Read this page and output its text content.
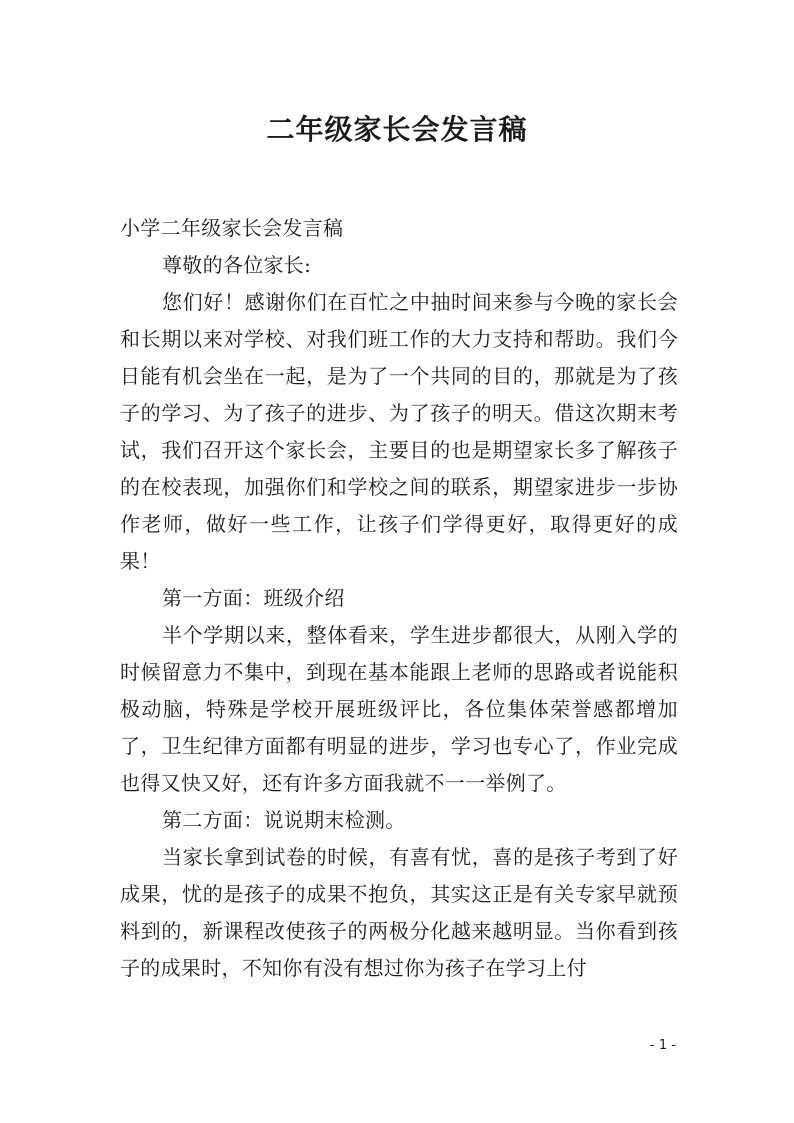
二年级家长会发言稿

小学二年级家长会发言稿

尊敬的各位家长:

您们好！感谢你们在百忙之中抽时间来参与今晚的家长会和长期以来对学校、对我们班工作的大力支持和帮助。我们今日能有机会坐在一起，是为了一个共同的目的，那就是为了孩子的学习、为了孩子的进步、为了孩子的明天。借这次期末考试，我们召开这个家长会，主要目的也是期望家长多了解孩子的在校表现，加强你们和学校之间的联系，期望家进步一步协作老师，做好一些工作，让孩子们学得更好，取得更好的成果！

第一方面：班级介绍

半个学期以来，整体看来，学生进步都很大，从刚入学的时候留意力不集中，到现在基本能跟上老师的思路或者说能积极动脑，特殊是学校开展班级评比，各位集体荣誉感都增加了，卫生纪律方面都有明显的进步，学习也专心了，作业完成也得又快又好，还有许多方面我就不一一举例了。

第二方面：说说期末检测。

当家长拿到试卷的时候，有喜有忧，喜的是孩子考到了好成果，忧的是孩子的成果不抱负，其实这正是有关专家早就预料到的，新课程改使孩子的两极分化越来越明显。当你看到孩子的成果时，不知你有没有想过你为孩子在学习上付

- 1 -
